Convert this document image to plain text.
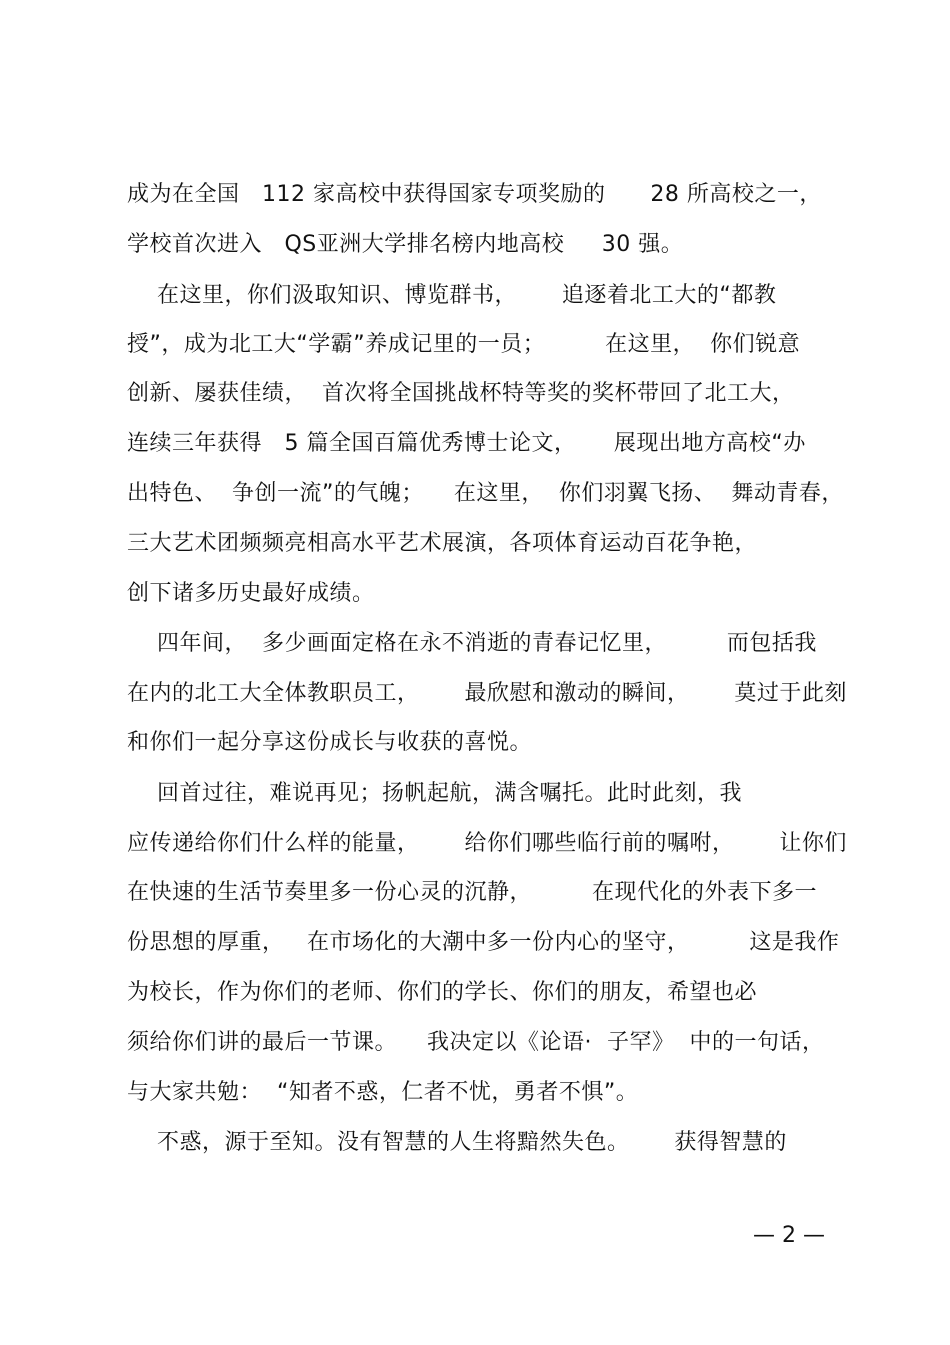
成为在全国   112 家高校中获得国家专项奖励的      28 所高校之一，
学校首次进入   QS亚洲大学排名榜内地高校     30 强。
在这里，你们汲取知识、博览群书，      追逐着北工大的“都教
授”，成为北工大“学霸”养成记里的一员；        在这里，  你们锐意
创新、屡获佳绩，  首次将全国挑战杯特等奖的奖杯带回了北工大，
连续三年获得   5 篇全国百篇优秀博士论文，     展现出地方高校“办
出特色、  争创一流”的气魄；    在这里，  你们羽翼飞扬、  舞动青春，
三大艺术团频频亮相高水平艺术展演，各项体育运动百花争艳，
创下诸多历史最好成绩。
四年间，  多少画面定格在永不消逝的青春记忆里，        而包括我
在内的北工大全体教职员工，      最欣慰和激动的瞬间，      莫过于此刻
和你们一起分享这份成长与收获的喜悦。
回首过往，难说再见；扬帆起航，满含嘱托。此时此刻，我
应传递给你们什么样的能量，      给你们哪些临行前的嘱咐，      让你们
在快速的生活节奏里多一份心灵的沉静，        在现代化的外表下多一
份思想的厚重，   在市场化的大潮中多一份内心的坚守，        这是我作
为校长，作为你们的老师、你们的学长、你们的朋友，希望也必
须给你们讲的最后一节课。    我决定以《论语·  子罕》  中的一句话，
与大家共勉：  “知者不惑，仁者不忧，勇者不惧”。
不惑，源于至知。没有智慧的人生将黯然失色。      获得智慧的
— 2 —
